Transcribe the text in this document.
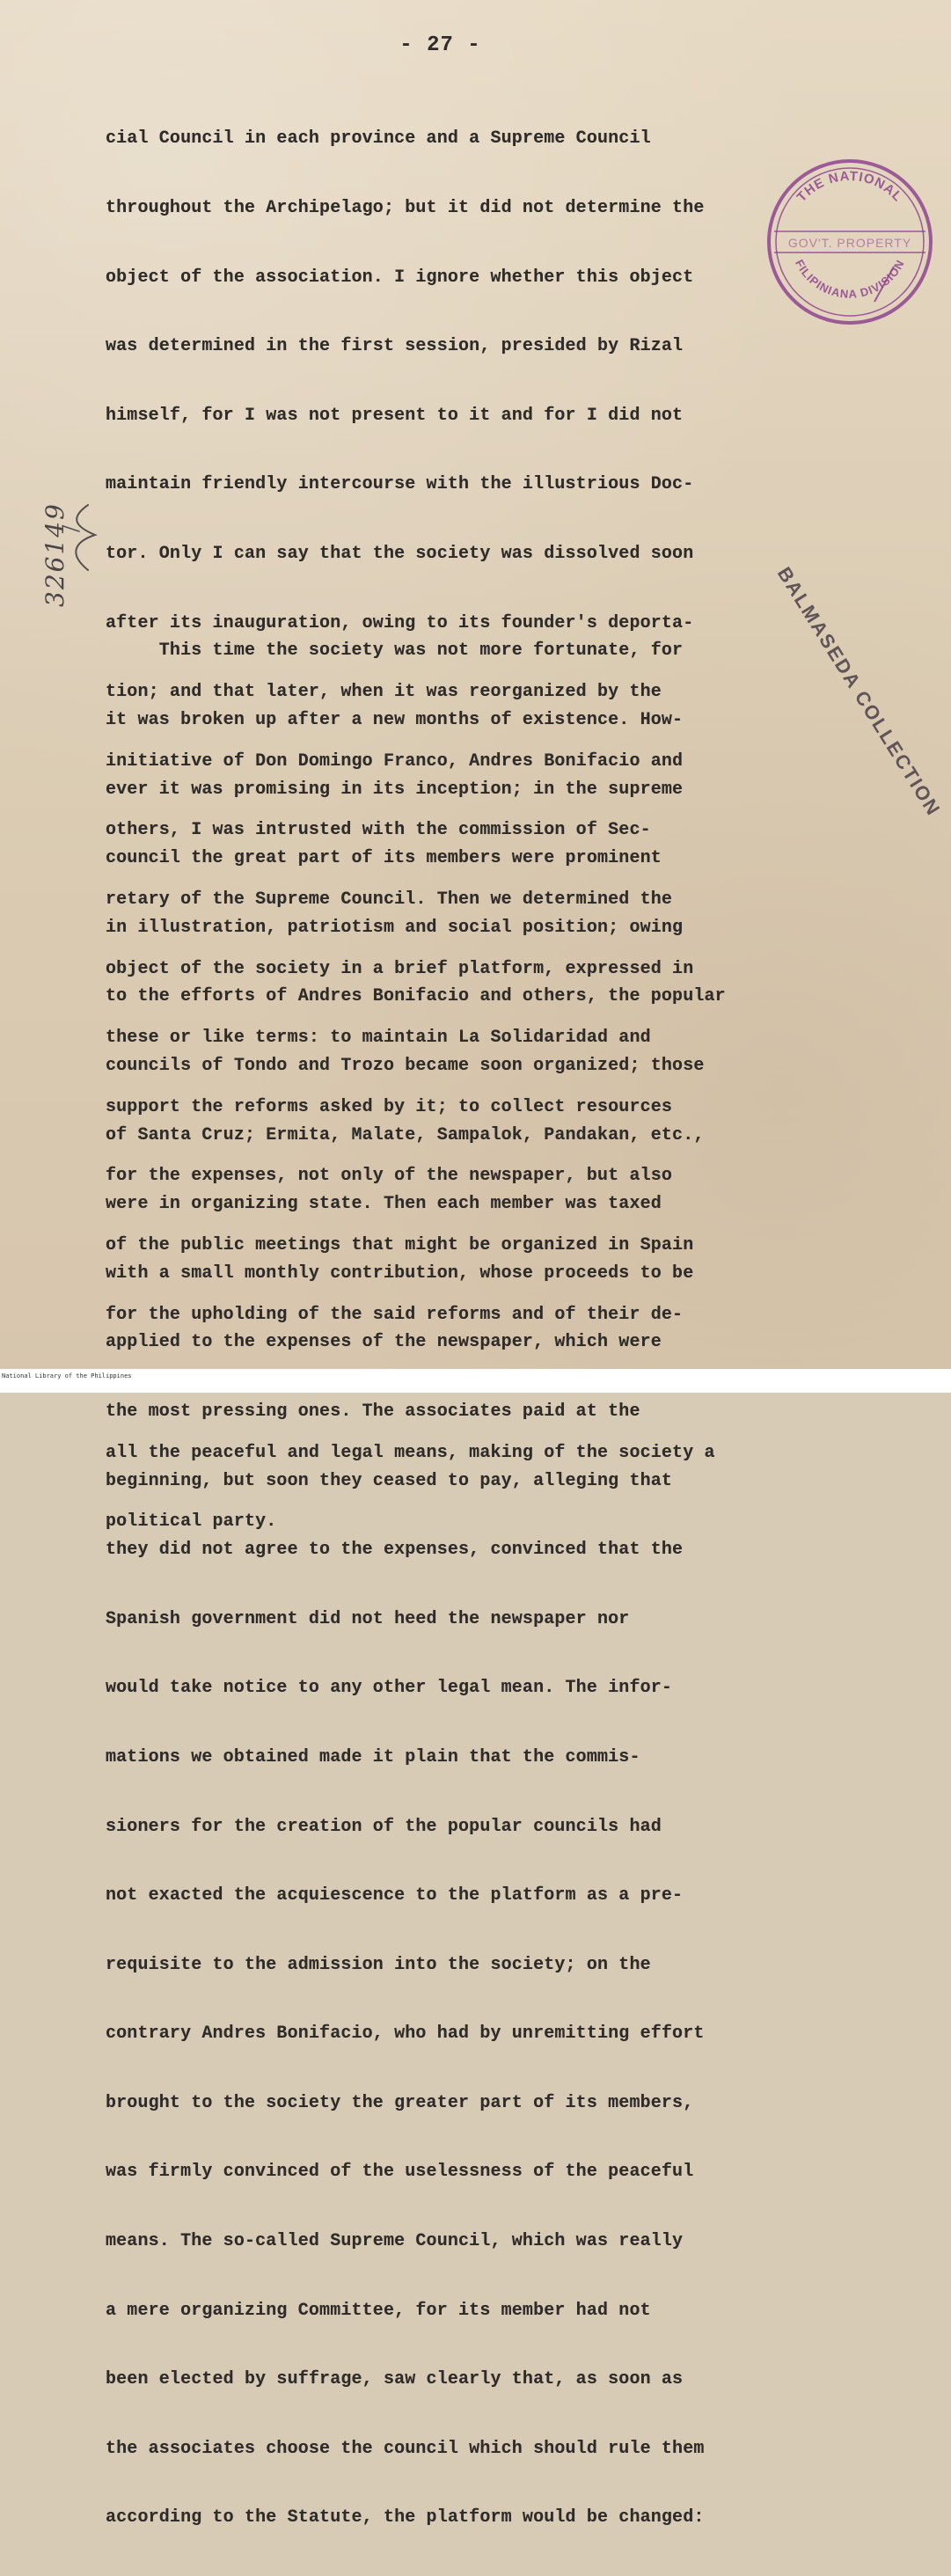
- 27 -

cial Council in each province and a Supreme Council

throughout the Archipelago; but it did not determine the

object of the association. I ignore whether this object

was determined in the first session, presided by Rizal

himself, for I was not present to it and for I did not

maintain friendly intercourse with the illustrious Doc-

tor. Only I can say that the society was dissolved soon

after its inauguration, owing to its founder's deporta-

tion; and that later, when it was reorganized by the

initiative of Don Domingo Franco, Andres Bonifacio and

others, I was intrusted with the commission of Sec-

retary of the Supreme Council. Then we determined the

object of the society in a brief platform, expressed in

these or like terms: to maintain La Solidaridad and

support the reforms asked by it; to collect resources

for the expenses, not only of the newspaper, but also

of the public meetings that might be organized in Spain

for the upholding of the said reforms and of their de-

all the peaceful and legal means, making of the society a

political party.

This time the society was not more fortunate, for

it was broken up after a new months of existence. How-

ever it was promising in its inception; in the supreme

council the great part of its members were prominent

in illustration, patriotism and social position; owing

to the efforts of Andres Bonifacio and others, the popular

councils of Tondo and Trozo became soon organized; those

of Santa Cruz; Ermita, Malate, Sampalok, Pandakan, etc.,

were in organizing state. Then each member was taxed

with a small monthly contribution, whose proceeds to be

applied to the expenses of the newspaper, which were

the most pressing ones. The associates paid at the

beginning, but soon they ceased to pay, alleging that

they did not agree to the expenses, convinced that the

Spanish government did not heed the newspaper nor

would take notice to any other legal mean. The infor-

mations we obtained made it plain that the commis-

sioners for the creation of the popular councils had

not exacted the acquiescence to the platform as a pre-

requisite to the admission into the society; on the

contrary Andres Bonifacio, who had by unremitting effort

brought to the society the greater part of its members,

was firmly convinced of the uselessness of the peaceful

means. The so-called Supreme Council, which was really

a mere organizing Committee, for its member had not

been elected by suffrage, saw clearly that, as soon as

the associates choose the council which should rule them

according to the Statute, the platform would be changed:

THE NATIONAL
GOV'T. PROPERTY
FILIPINIANA DIVISION
BALMASEDA COLLECTION
326149
National Library of the Philippines
